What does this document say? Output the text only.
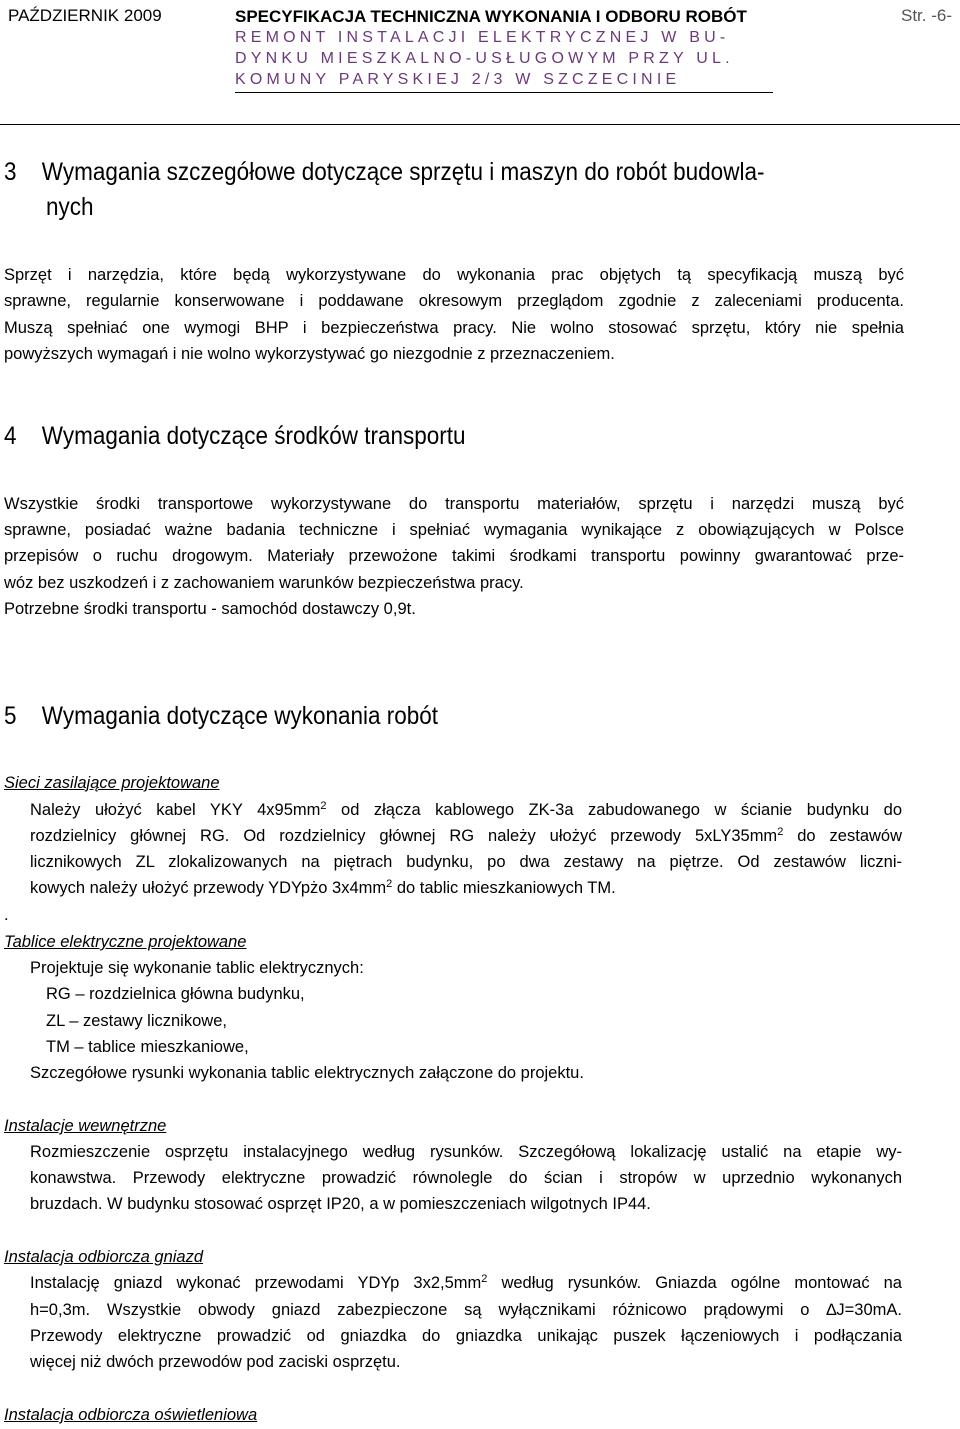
PAŹDZIERNIK 2009	SPECYFIKACJA TECHNICZNA WYKONANIA I ODBORU ROBÓT
REMONT INSTALACJI ELEKTRYCZNEJ W BU-
DYNKU MIESZKALNO-USŁUGOWYM PRZY UL.
KOMUNY PARYSKIEJ 2/3 W SZCZECINIE
Str. -6-
3 Wymagania szczegółowe dotyczące sprzętu i maszyn do robót budowla-
nych
Sprzęt i narzędzia, które będą wykorzystywane do wykonania prac objętych tą specyfikacją muszą być
sprawne, regularnie konserwowane i poddawane okresowym przeglądom zgodnie z zaleceniami producenta.
Muszą spełniać one wymogi BHP i bezpieczeństwa pracy. Nie wolno stosować sprzętu, który nie spełnia
powyższych wymagań i nie wolno wykorzystywać go niezgodnie z przeznaczeniem.
4 Wymagania dotyczące środków transportu
Wszystkie środki transportowe wykorzystywane do transportu materiałów, sprzętu i narzędzi muszą być
sprawne, posiadać ważne badania techniczne i spełniać wymagania wynikające z obowiązujących w Polsce
przepisów o ruchu drogowym. Materiały przewożone takimi środkami transportu powinny gwarantować prze-
wóz bez uszkodzeń i z zachowaniem warunków bezpieczeństwa pracy.
Potrzebne środki transportu - samochód dostawczy 0,9t.
5 Wymagania dotyczące wykonania robót
Sieci zasilające projektowane
Należy ułożyć kabel YKY $4x95mm^2$ od złącza kablowego ZK-3a zabudowanego w ścianie budynku do
rozdzielnicy głównej RG. Od rozdzielnicy głównej RG należy ułożyć przewody $5xLY35mm^2$ do zestawów
licznikowych ZL zlokalizowanych na piętrach budynku, po dwa zestawy na piętrze. Od zestawów liczni-
kowych należy ułożyć przewody YDYpżo $3x4mm^2$ do tablic mieszkaniowych TM.
.
Tablice elektryczne projektowane
Projektuje się wykonanie tablic elektrycznych:
RG – rozdzielnica główna budynku,
ZL – zestawy licznikowe,
TM – tablice mieszkaniowe,
Szczegółowe rysunki wykonania tablic elektrycznych załączone do projektu.
Instalacje wewnętrzne
Rozmieszczenie osprzętu instalacyjnego według rysunków. Szczegółową lokalizację ustalić na etapie wy-
konawstwa. Przewody elektryczne prowadzić równolegle do ścian i stropów w uprzednio wykonanych
bruzdach. W budynku stosować osprzęt IP20, a w pomieszczeniach wilgotnych IP44.
Instalacja odbiorcza gniazd
Instalację gniazd wykonać przewodami YDYp $3x2,5mm^2$ według rysunków. Gniazda ogólne montować na
h=0,3m. Wszystkie obwody gniazd zabezpieczone są wyłącznikami różnicowo prądowymi o ∆J=30mA.
Przewody elektryczne prowadzić od gniazdka do gniazdka unikając puszek łączeniowych i podłączania
więcej niż dwóch przewodów pod zaciski osprzętu.
Instalacja odbiorcza oświetleniowa
